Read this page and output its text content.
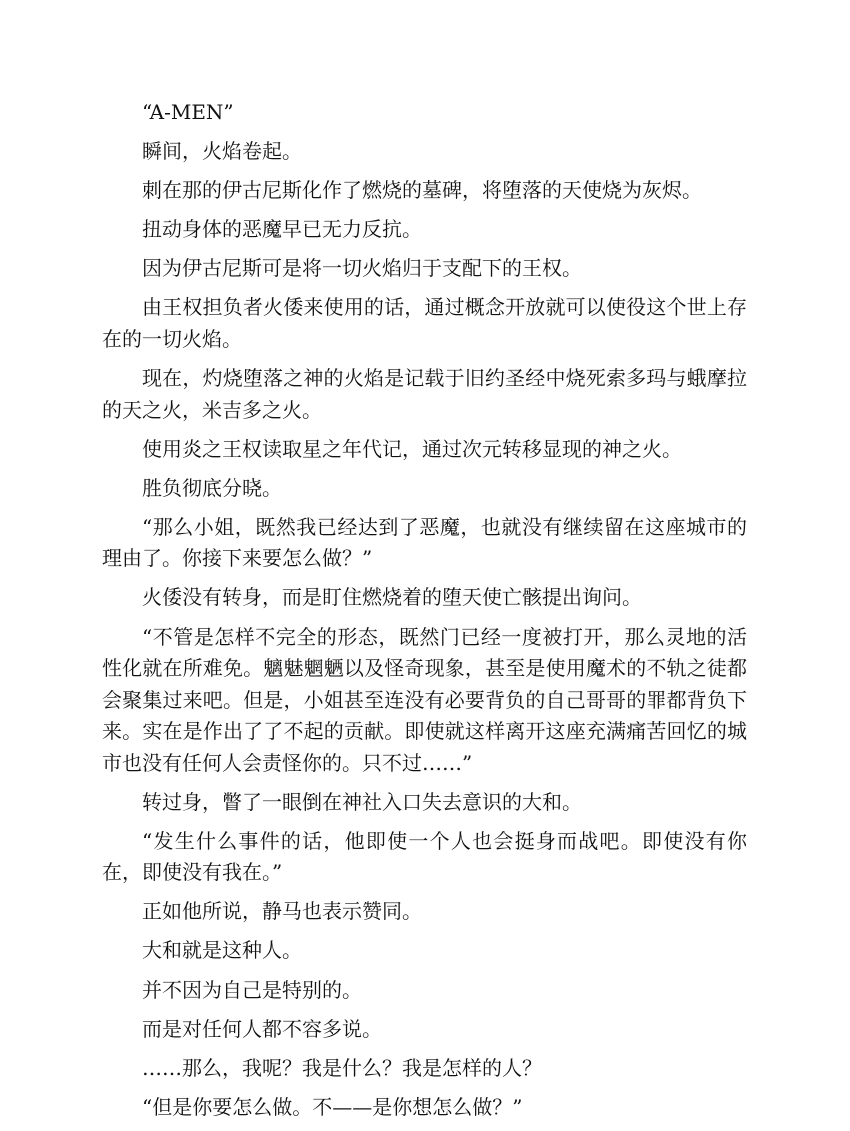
“A-MEN”

瞬间，火焰卷起。

刺在那的伊古尼斯化作了燃烧的墓碑，将堕落的天使烧为灰烬。

扭动身体的恶魔早已无力反抗。

因为伊古尼斯可是将一切火焰归于支配下的王权。

由王权担负者火倭来使用的话，通过概念开放就可以使役这个世上存在的一切火焰。

现在，灼烧堕落之神的火焰是记载于旧约圣经中烧死索多玛与蛾摩拉的天之火，米吉多之火。

使用炎之王权读取星之年代记，通过次元转移显现的神之火。

胜负彻底分晓。

“那么小姐，既然我已经达到了恶魔，也就没有继续留在这座城市的理由了。你接下来要怎么做？”

火倭没有转身，而是盯住燃烧着的堕天使亡骸提出询问。

“不管是怎样不完全的形态，既然门已经一度被打开，那么灵地的活性化就在所难免。魑魅魍魉以及怪奇现象，甚至是使用魔术的不轨之徒都会聚集过来吧。但是，小姐甚至连没有必要背负的自己哥哥的罪都背负下来。实在是作出了了不起的贡献。即使就这样离开这座充满痛苦回忆的城市也没有任何人会责怪你的。只不过……”

转过身，瞥了一眼倒在神社入口失去意识的大和。

“发生什么事件的话，他即使一个人也会挺身而战吧。即使没有你在，即使没有我在。”

正如他所说，静马也表示赞同。

大和就是这种人。

并不因为自己是特别的。

而是对任何人都不容多说。

……那么，我呢？我是什么？我是怎样的人？

“但是你要怎么做。不——是你想怎么做？”
